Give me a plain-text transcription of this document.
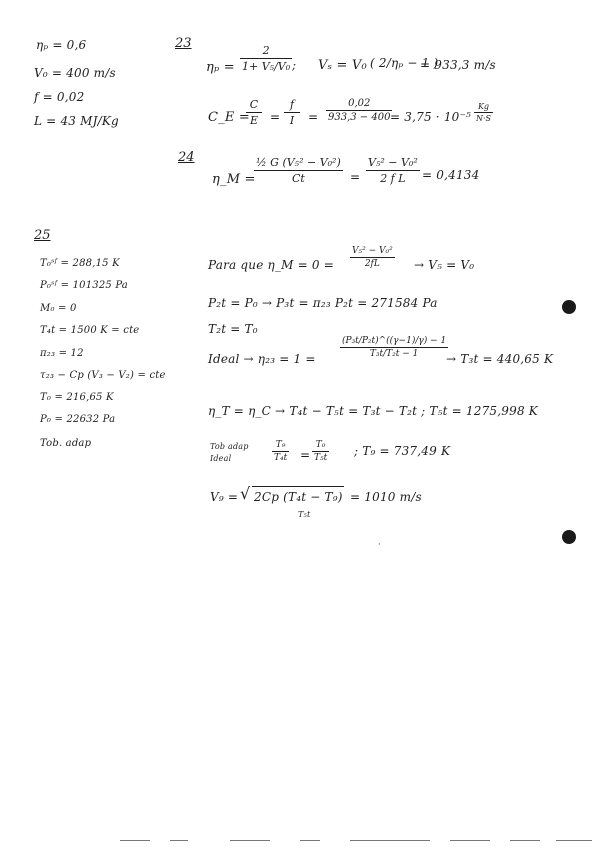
ηₚ = 0,6
V₀ = 400 m/s
f = 0,02
L = 43 MJ/Kg
23
ηₚ =
2
1+ V₅/V₀ ; Vₛ = V₀ ( 2/ηₚ − 1 )
= 933,3 m/s
C_E =
C
E =
f
I	=
0,02
933,3 − 400 = 3,75 · 10⁻⁵
Kg
N·S
24
η_M =
½ G (V₅² − V₀²)
Ct	=
V₅² − V₀²
2 f L	= 0,4134
25
T₀ˢᶠ = 288,15 K
P₀ˢᶠ = 101325 Pa
M₀ = 0
T₄t = 1500 K = cte
π₂₃ = 12
τ₂₃ − Cp (V₃ − V₂) = cte
T₀ = 216,65 K
P₀ = 22632 Pa
Tob. adap
Para que η_M = 0 =
V₅² − V₀²
2fL	→ V₅ = V₀
P₂t = P₀ → P₃t = π₂₃ P₂t = 271584 Pa
T₂t = T₀
Ideal → η₂₃ = 1 =
(P₃t/P₂t)^((γ−1)/γ) − 1
T₃t/T₂t − 1	→ T₃t = 440,65 K
η_T = η_C → T₄t − T₅t = T₃t − T₂t ; T₅t = 1275,998 K
Tob adap
Ideal
T₉
T₄t =
T₀
T₅t ; T₉ = 737,49 K
V₉ = √ 2Cp (T₄t − T₉)
T₅t
= 1010 m/s
·
